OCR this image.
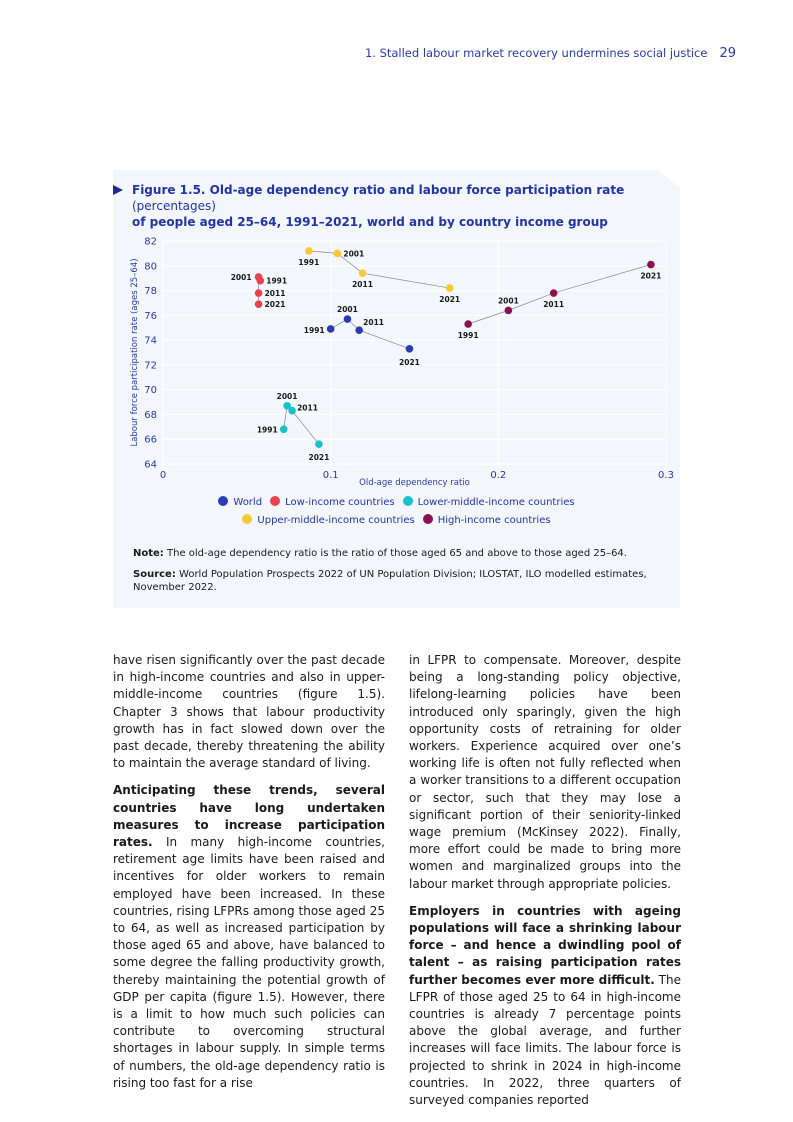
1. Stalled labour market recovery undermines social justice 29
Figure 1.5. Old-age dependency ratio and labour force participation rate (percentages)
of people aged 25–64, 1991–2021, world and by country income group
64
66
68
70
72
74
76
78
80
82
0	0.1	0.2	0.3
Old-age dependency ratio
Labour force participation rate (ages 25–64)	1991
2001
2011
2021
1991
2001
2011
2021
1991
2001
2011
2021
1991
2001
2011
2021
1991
2001	2011
2021
World Low-income countries Lower-middle-income countries
Upper-middle-income countries High-income countries

Note: The old-age dependency ratio is the ratio of those aged 65 and above to those aged 25–64.

Source: World Population Prospects 2022 of UN Population Division; ILOSTAT, ILO modelled estimates, November 2022.

have risen significantly over the past decade in high-income countries and also in upper-middle-income countries (figure 1.5). Chapter 3 shows that labour productivity growth has in fact slowed down over the past decade, thereby threatening the ability to maintain the average standard of living.

Anticipating these trends, several countries have long undertaken measures to increase participation rates. In many high-income countries, retirement age limits have been raised and incentives for older workers to remain employed have been increased. In these countries, rising LFPRs among those aged 25 to 64, as well as increased participation by those aged 65 and above, have balanced to some degree the falling productivity growth, thereby maintaining the potential growth of GDP per capita (figure 1.5). However, there is a limit to how much such policies can contribute to overcoming structural shortages in labour supply. In simple terms of numbers, the old-age dependency ratio is rising too fast for a rise

in LFPR to compensate. Moreover, despite being a long-standing policy objective, lifelong-learning policies have been introduced only sparingly, given the high opportunity costs of retraining for older workers. Experience acquired over one’s working life is often not fully reflected when a worker transitions to a different occupation or sector, such that they may lose a significant portion of their seniority-linked wage premium (McKinsey 2022). Finally, more effort could be made to bring more women and marginalized groups into the labour market through appropriate policies.

Employers in countries with ageing populations will face a shrinking labour force – and hence a dwindling pool of talent – as raising participation rates further becomes ever more difficult. The LFPR of those aged 25 to 64 in high-income countries is already 7 percentage points above the global average, and further increases will face limits. The labour force is projected to shrink in 2024 in high-income countries. In 2022, three quarters of surveyed companies reported
